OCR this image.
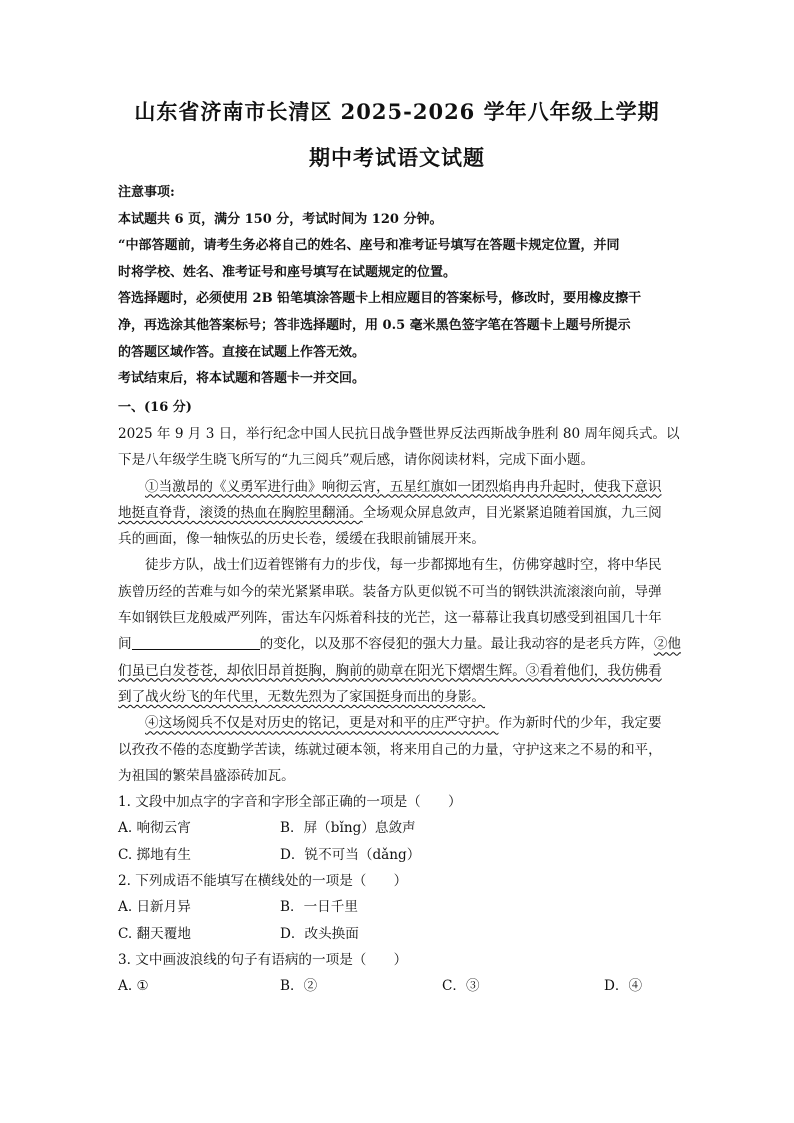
山东省济南市长清区 2025-2026 学年八年级上学期
期中考试语文试题
注意事项:
本试题共 6 页，满分 150 分，考试时间为 120 分钟。
“中部答题前，请考生务必将自己的姓名、座号和准考证号填写在答题卡规定位置，并同
时将学校、姓名、准考证号和座号填写在试题规定的位置。
答选择题时，必须使用 2B 铅笔填涂答题卡上相应题目的答案标号，修改时，要用橡皮擦干
净，再选涂其他答案标号；答非选择题时，用 0.5 毫米黑色签字笔在答题卡上题号所提示
的答题区域作答。直接在试题上作答无效。
考试结束后，将本试题和答题卡一并交回。
一、(16 分)
2025 年 9 月 3 日，举行纪念中国人民抗日战争暨世界反法西斯战争胜利 80 周年阅兵式。以
下是八年级学生晓飞所写的“九三阅兵”观后感，请你阅读材料，完成下面小题。
①当激昂的《义勇军进行曲》响彻云宵，五星红旗如一团烈焰冉冉升起时，使我下意识
地挺直脊背，滚烫的热血在胸腔里翻涌。全场观众屏息敛声，目光紧紧追随着国旗，九三阅
兵的画面，像一轴恢弘的历史长卷，缓缓在我眼前铺展开来。
徒步方队，战士们迈着铿锵有力的步伐，每一步都掷地有生，仿佛穿越时空，将中华民
族曾历经的苦难与如今的荣光紧紧串联。装备方队更似锐不可当的钢铁洪流滚滚向前，导弹
车如钢铁巨龙般威严列阵，雷达车闪烁着科技的光芒，这一幕幕让我真切感受到祖国几十年
间	的变化，以及那不容侵犯的强大力量。最让我动容的是老兵方阵，②他
们虽已白发苍苍，却依旧昂首挺胸，胸前的勋章在阳光下熠熠生辉。③看着他们，我仿佛看
到了战火纷飞的年代里，无数先烈为了家国挺身而出的身影。
④这场阅兵不仅是对历史的铭记，更是对和平的庄严守护。作为新时代的少年，我定要
以孜孜不倦的态度勤学苦读，练就过硬本领，将来用自己的力量，守护这来之不易的和平，
为祖国的繁荣昌盛添砖加瓦。
1. 文段中加点字的字音和字形全部正确的一项是（　　）
A. 响彻云宵	B．屏（bǐng）息敛声
C. 掷地有生	D．锐不可当（dǎng）
2. 下列成语不能填写在横线处的一项是（　　）
A. 日新月异	B．一日千里
C. 翻天覆地	D．改头换面
3. 文中画波浪线的句子有语病的一项是（　　）
A. ①	B．②	C．③	D．④
